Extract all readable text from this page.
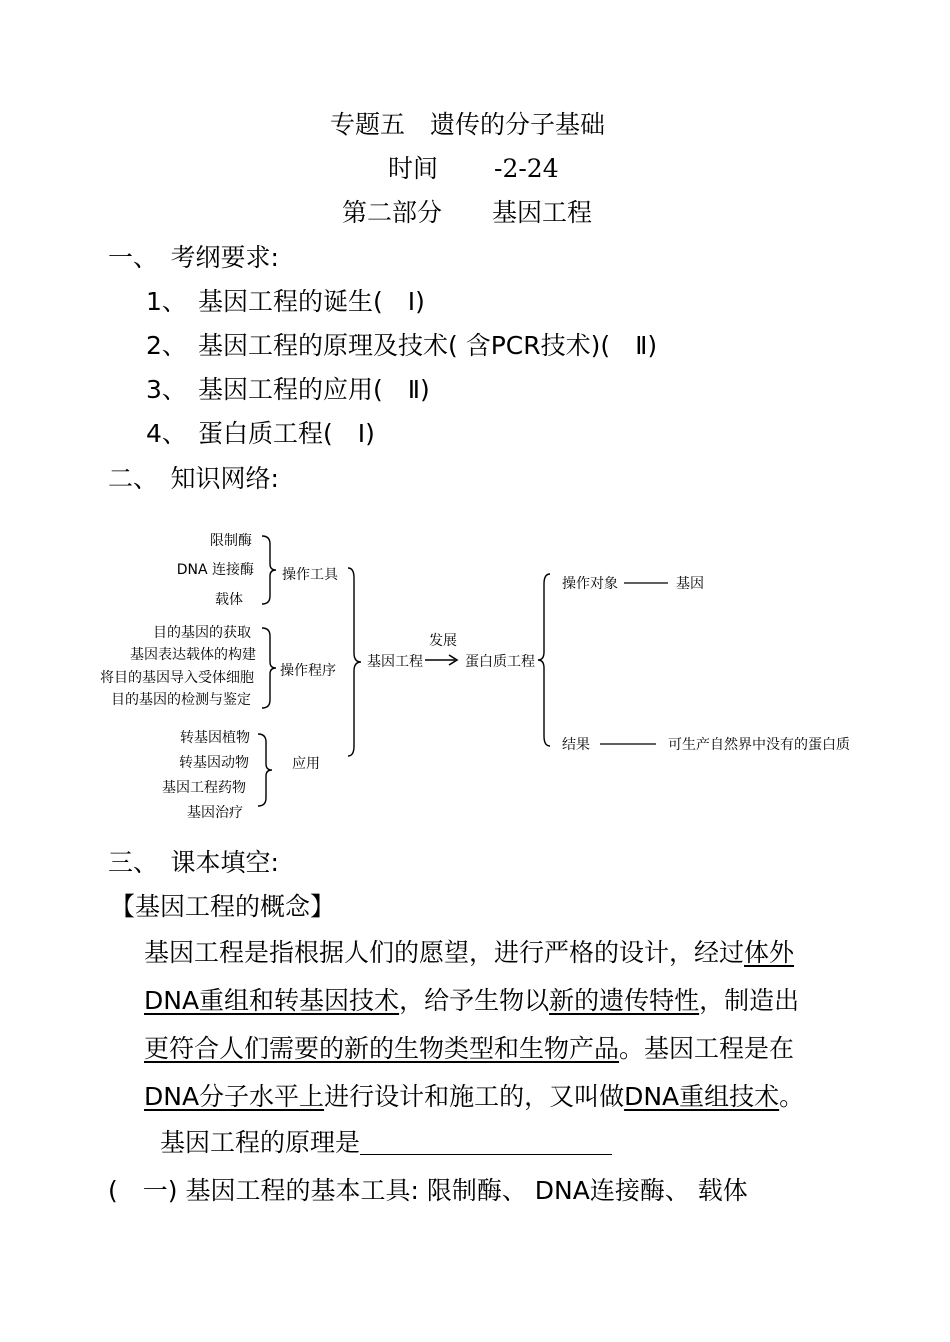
专题五　遗传的分子基础
时间 -2-24
第二部分　　基因工程
一、　考纲要求:
1、 基因工程的诞生(　Ⅰ)
2、 基因工程的原理及技术( 含PCR技术)(　Ⅱ)
3、 基因工程的应用(　Ⅱ)
4、 蛋白质工程(　Ⅰ)
二、　知识网络:
限制酶
DNA 连接酶
载体
目的基因的获取
基因表达载体的构建
将目的基因导入受体细胞
目的基因的检测与鉴定
转基因植物
转基因动物
基因工程药物
基因治疗
操作工具
操作程序
应用
基因工程
发展
蛋白质工程
操作对象	基因
结果	可生产自然界中没有的蛋白质
三、　课本填空:
【基因工程的概念】
基因工程是指根据人们的愿望，进行严格的设计，经过体外
DNA重组和转基因技术，给予生物以新的遗传特性，制造出
更符合人们需要的新的生物类型和生物产品。基因工程是在
DNA分子水平上进行设计和施工的，又叫做DNA重组技术。
基因工程的原理是
(　一) 基因工程的基本工具: 限制酶、 DNA连接酶、 载体
